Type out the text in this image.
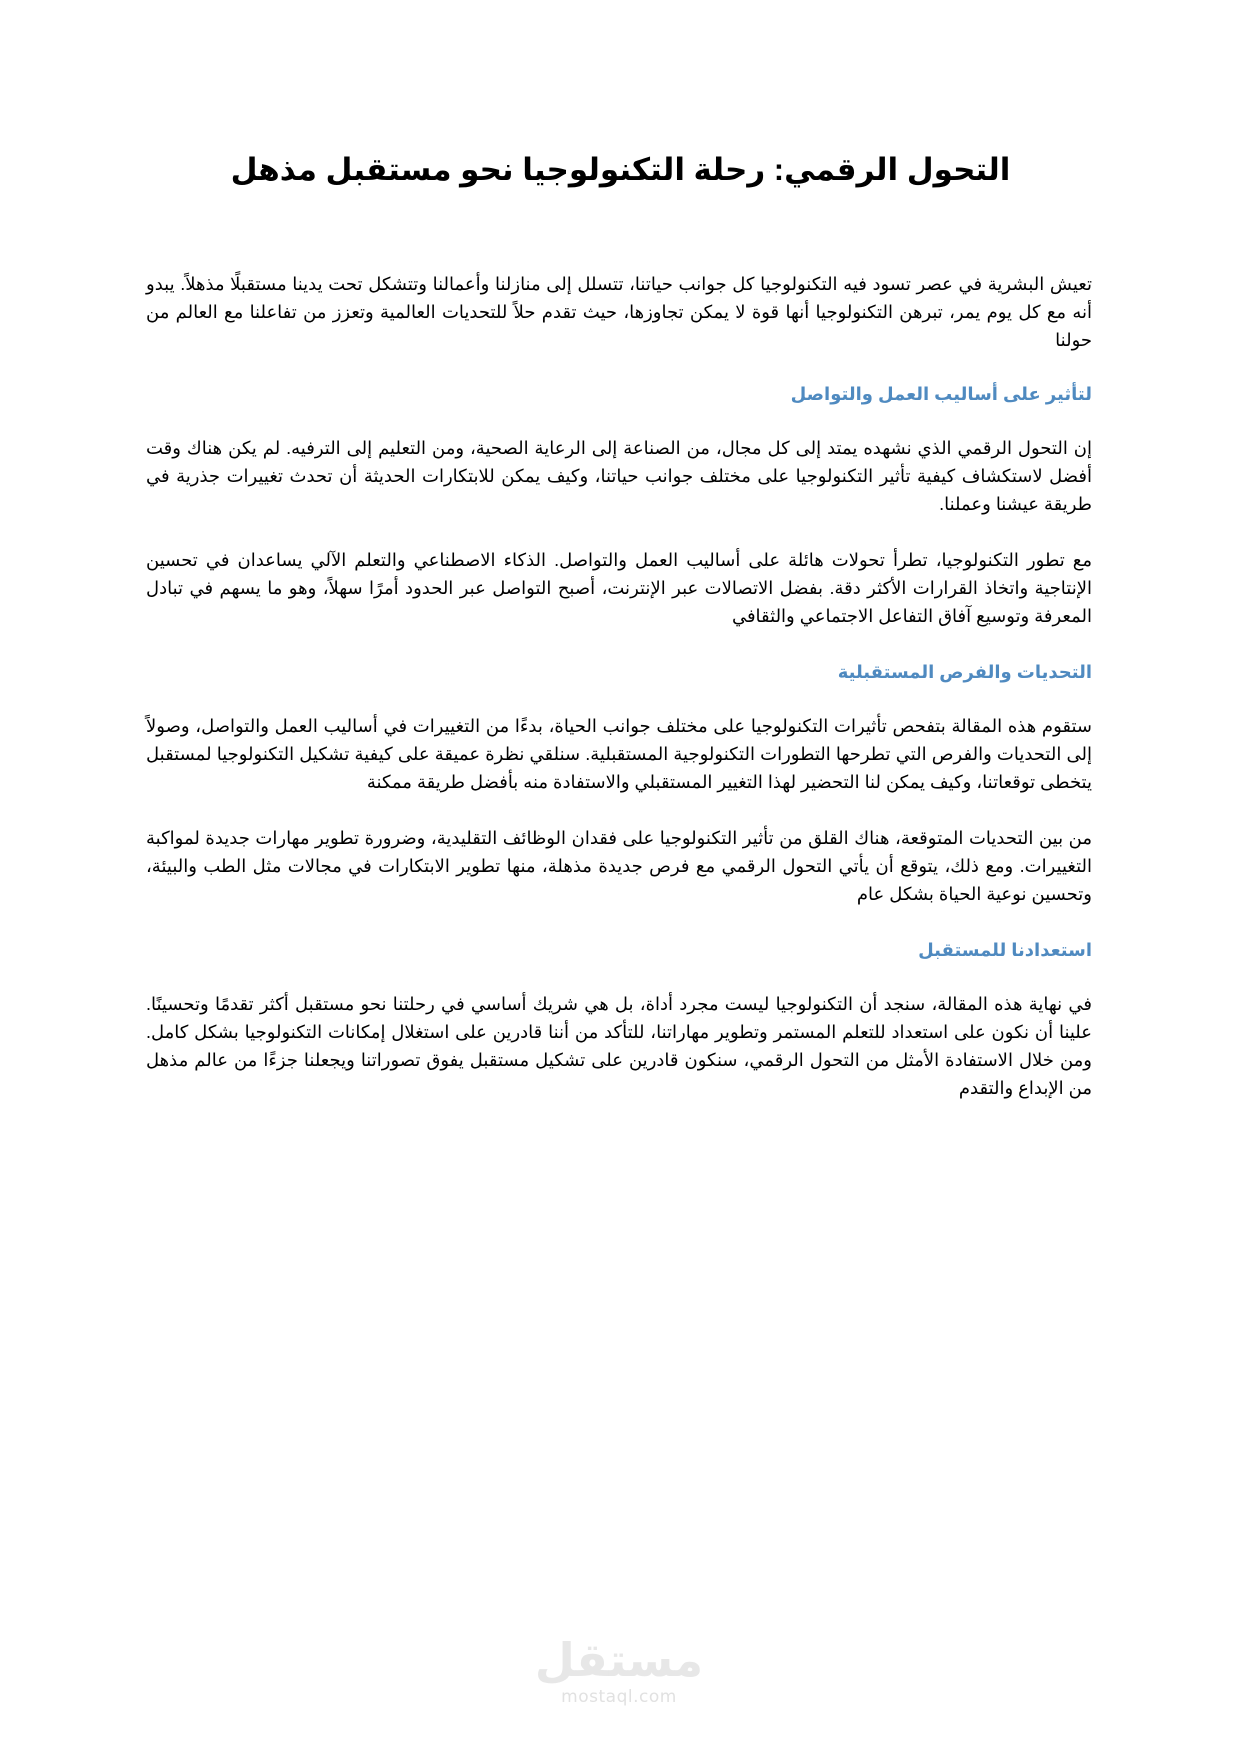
التحول الرقمي: رحلة التكنولوجيا نحو مستقبل مذهل

تعيش البشرية في عصر تسود فيه التكنولوجيا كل جوانب حياتنا، تتسلل إلى منازلنا وأعمالنا وتتشكل تحت يدينا مستقبلًا مذهلاً. يبدو أنه مع كل يوم يمر، تبرهن التكنولوجيا أنها قوة لا يمكن تجاوزها، حيث تقدم حلاً للتحديات العالمية وتعزز من تفاعلنا مع العالم من حولنا

لتأثير على أساليب العمل والتواصل

إن التحول الرقمي الذي نشهده يمتد إلى كل مجال، من الصناعة إلى الرعاية الصحية، ومن التعليم إلى الترفيه. لم يكن هناك وقت أفضل لاستكشاف كيفية تأثير التكنولوجيا على مختلف جوانب حياتنا، وكيف يمكن للابتكارات الحديثة أن تحدث تغييرات جذرية في طريقة عيشنا وعملنا.

مع تطور التكنولوجيا، تطرأ تحولات هائلة على أساليب العمل والتواصل. الذكاء الاصطناعي والتعلم الآلي يساعدان في تحسين الإنتاجية واتخاذ القرارات الأكثر دقة. بفضل الاتصالات عبر الإنترنت، أصبح التواصل عبر الحدود أمرًا سهلاً، وهو ما يسهم في تبادل المعرفة وتوسيع آفاق التفاعل الاجتماعي والثقافي

التحديات والفرص المستقبلية

ستقوم هذه المقالة بتفحص تأثيرات التكنولوجيا على مختلف جوانب الحياة، بدءًا من التغييرات في أساليب العمل والتواصل، وصولاً إلى التحديات والفرص التي تطرحها التطورات التكنولوجية المستقبلية. سنلقي نظرة عميقة على كيفية تشكيل التكنولوجيا لمستقبل يتخطى توقعاتنا، وكيف يمكن لنا التحضير لهذا التغيير المستقبلي والاستفادة منه بأفضل طريقة ممكنة

من بين التحديات المتوقعة، هناك القلق من تأثير التكنولوجيا على فقدان الوظائف التقليدية، وضرورة تطوير مهارات جديدة لمواكبة التغييرات. ومع ذلك، يتوقع أن يأتي التحول الرقمي مع فرص جديدة مذهلة، منها تطوير الابتكارات في مجالات مثل الطب والبيئة، وتحسين نوعية الحياة بشكل عام

استعدادنا للمستقبل

في نهاية هذه المقالة، سنجد أن التكنولوجيا ليست مجرد أداة، بل هي شريك أساسي في رحلتنا نحو مستقبل أكثر تقدمًا وتحسينًا. علينا أن نكون على استعداد للتعلم المستمر وتطوير مهاراتنا، للتأكد من أننا قادرين على استغلال إمكانات التكنولوجيا بشكل كامل. ومن خلال الاستفادة الأمثل من التحول الرقمي، سنكون قادرين على تشكيل مستقبل يفوق تصوراتنا ويجعلنا جزءًا من عالم مذهل من الإبداع والتقدم

مستقل
mostaql.com
